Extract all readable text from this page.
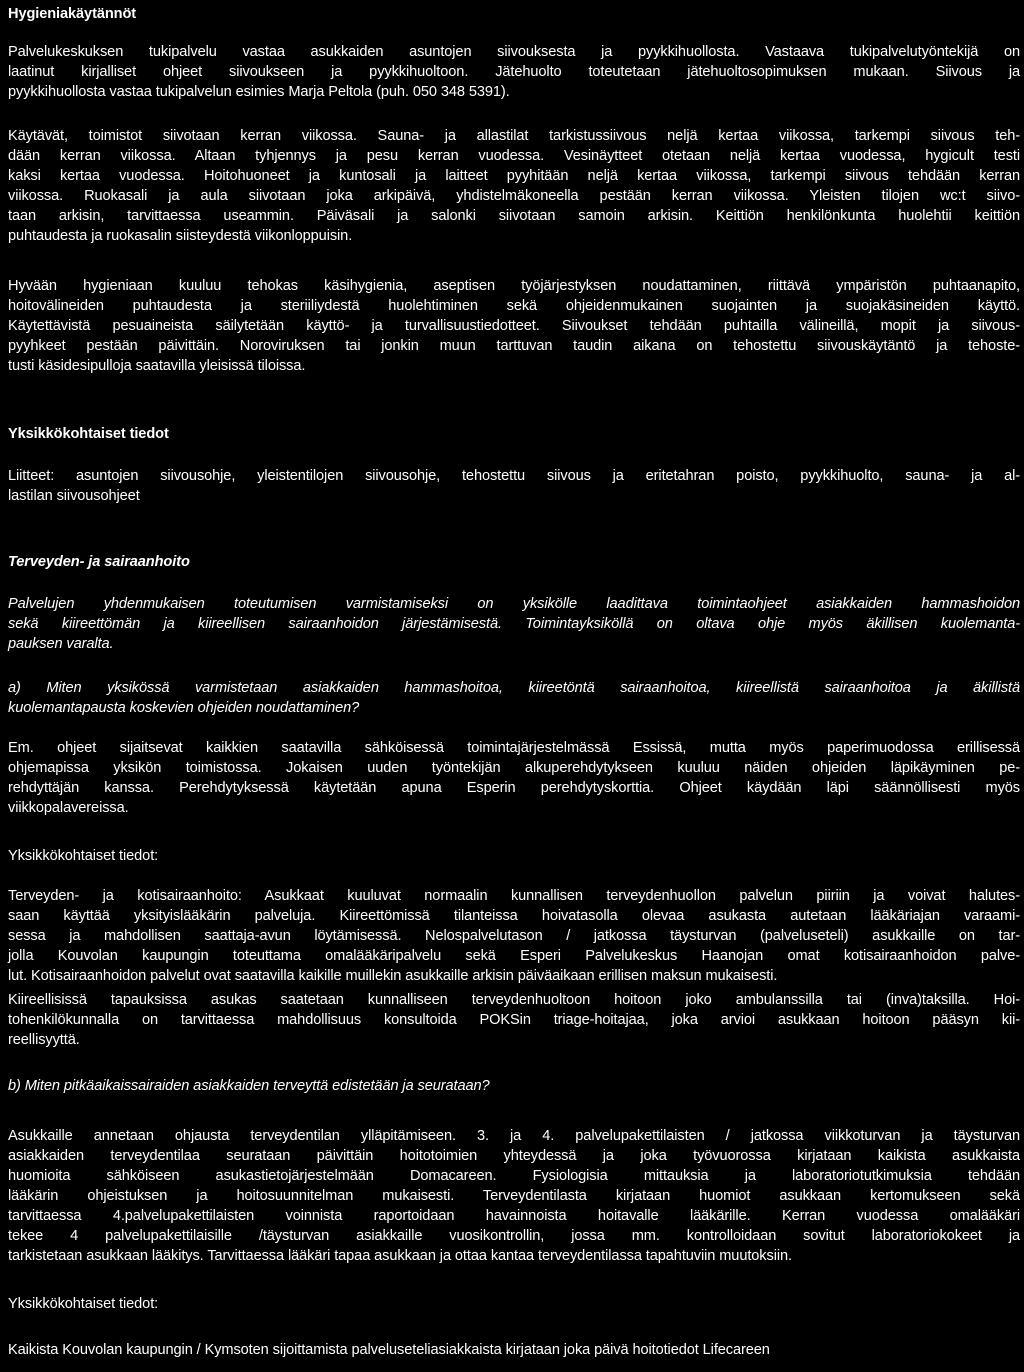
Hygieniakäytännöt
Palvelukeskuksen tukipalvelu vastaa asukkaiden asuntojen siivouksesta ja pyykkihuollosta. Vastaava tukipalvelutyöntekijä on
laatinut kirjalliset ohjeet siivoukseen ja pyykkihuoltoon. Jätehuolto toteutetaan jätehuoltosopimuksen mukaan. Siivous ja
pyykkihuollosta vastaa tukipalvelun esimies Marja Peltola (puh. 050 348 5391).
Käytävät, toimistot siivotaan kerran viikossa. Sauna- ja allastilat tarkistussiivous neljä kertaa viikossa, tarkempi siivous teh-
dään kerran viikossa. Altaan tyhjennys ja pesu kerran vuodessa. Vesinäytteet otetaan neljä kertaa vuodessa, hygicult testi
kaksi kertaa vuodessa. Hoitohuoneet ja kuntosali ja laitteet pyyhitään neljä kertaa viikossa, tarkempi siivous tehdään kerran
viikossa. Ruokasali ja aula siivotaan joka arkipäivä, yhdistelmäkoneella pestään kerran viikossa. Yleisten tilojen wc:t siivo-
taan arkisin, tarvittaessa useammin. Päiväsali ja salonki siivotaan samoin arkisin. Keittiön henkilönkunta huolehtii keittiön
puhtaudesta ja ruokasalin siisteydestä viikonloppuisin.
Hyvään hygieniaan kuuluu tehokas käsihygienia, aseptisen työjärjestyksen noudattaminen, riittävä ympäristön puhtaanapito,
hoitovälineiden puhtaudesta ja steriiliydestä huolehtiminen sekä ohjeidenmukainen suojainten ja suojakäsineiden käyttö.
Käytettävistä pesuaineista säilytetään käyttö- ja turvallisuustiedotteet. Siivoukset tehdään puhtailla välineillä, mopit ja siivous-
pyyhkeet pestään päivittäin. Noroviruksen tai jonkin muun tarttuvan taudin aikana on tehostettu siivouskäytäntö ja tehoste-
tusti käsidesipulloja saatavilla yleisissä tiloissa.
Yksikkökohtaiset tiedot
Liitteet: asuntojen siivousohje, yleistentilojen siivousohje, tehostettu siivous ja eritetahran poisto, pyykkihuolto, sauna- ja al-
lastilan siivousohjeet
Terveyden- ja sairaanhoito
Palvelujen yhdenmukaisen toteutumisen varmistamiseksi on yksikölle laadittava toimintaohjeet asiakkaiden hammashoidon
sekä kiireettömän ja kiireellisen sairaanhoidon järjestämisestä. Toimintayksiköllä on oltava ohje myös äkillisen kuolemanta-
pauksen varalta.
a) Miten yksikössä varmistetaan asiakkaiden hammashoitoa, kiireetöntä sairaanhoitoa, kiireellistä sairaanhoitoa ja äkillistä
kuolemantapausta koskevien ohjeiden noudattaminen?
Em. ohjeet sijaitsevat kaikkien saatavilla sähköisessä toimintajärjestelmässä Essissä, mutta myös paperimuodossa erillisessä
ohjemapissa yksikön toimistossa. Jokaisen uuden työntekijän alkuperehdytykseen kuuluu näiden ohjeiden läpikäyminen pe-
rehdyttäjän kanssa. Perehdytyksessä käytetään apuna Esperin perehdytyskorttia. Ohjeet käydään läpi säännöllisesti myös
viikkopalavereissa.
Yksikkökohtaiset tiedot:
Terveyden- ja kotisairaanhoito: Asukkaat kuuluvat normaalin kunnallisen terveydenhuollon palvelun piiriin ja voivat halutes-
saan käyttää yksityislääkärin palveluja. Kiireettömissä tilanteissa hoivatasolla olevaa asukasta autetaan lääkäriajan varaami-
sessa ja mahdollisen saattaja-avun löytämisessä. Nelospalvelutason / jatkossa täysturvan (palveluseteli) asukkaille on tar-
jolla Kouvolan kaupungin toteuttama omalääkäripalvelu sekä Esperi Palvelukeskus Haanojan omat kotisairaanhoidon palve-
lut. Kotisairaanhoidon palvelut ovat saatavilla kaikille muillekin asukkaille arkisin päiväaikaan erillisen maksun mukaisesti.
Kiireellisissä tapauksissa asukas saatetaan kunnalliseen terveydenhuoltoon hoitoon joko ambulanssilla tai (inva)taksilla. Hoi-
tohenkilökunnalla on tarvittaessa mahdollisuus konsultoida POKSin triage-hoitajaa, joka arvioi asukkaan hoitoon pääsyn kii-
reellisyyttä.
b) Miten pitkäaikaissairaiden asiakkaiden terveyttä edistetään ja seurataan?
Asukkaille annetaan ohjausta terveydentilan ylläpitämiseen. 3. ja 4. palvelupakettilaisten / jatkossa viikkoturvan ja täysturvan
asiakkaiden terveydentilaa seurataan päivittäin hoitotoimien yhteydessä ja joka työvuorossa kirjataan kaikista asukkaista
huomioita sähköiseen asukastietojärjestelmään Domacareen. Fysiologisia mittauksia ja laboratoriotutkimuksia tehdään
lääkärin ohjeistuksen ja hoitosuunnitelman mukaisesti. Terveydentilasta kirjataan huomiot asukkaan kertomukseen sekä
tarvittaessa 4.palvelupakettilaisten voinnista raportoidaan havainnoista hoitavalle lääkärille. Kerran vuodessa omalääkäri
tekee 4 palvelupakettilaisille /täysturvan asiakkaille vuosikontrollin, jossa mm. kontrolloidaan sovitut laboratoriokokeet ja
tarkistetaan asukkaan lääkitys. Tarvittaessa lääkäri tapaa asukkaan ja ottaa kantaa terveydentilassa tapahtuviin muutoksiin.
Yksikkökohtaiset tiedot:
Kaikista Kouvolan kaupungin / Kymsoten sijoittamista palveluseteliasiakkaista kirjataan joka päivä hoitotiedot Lifecareen
